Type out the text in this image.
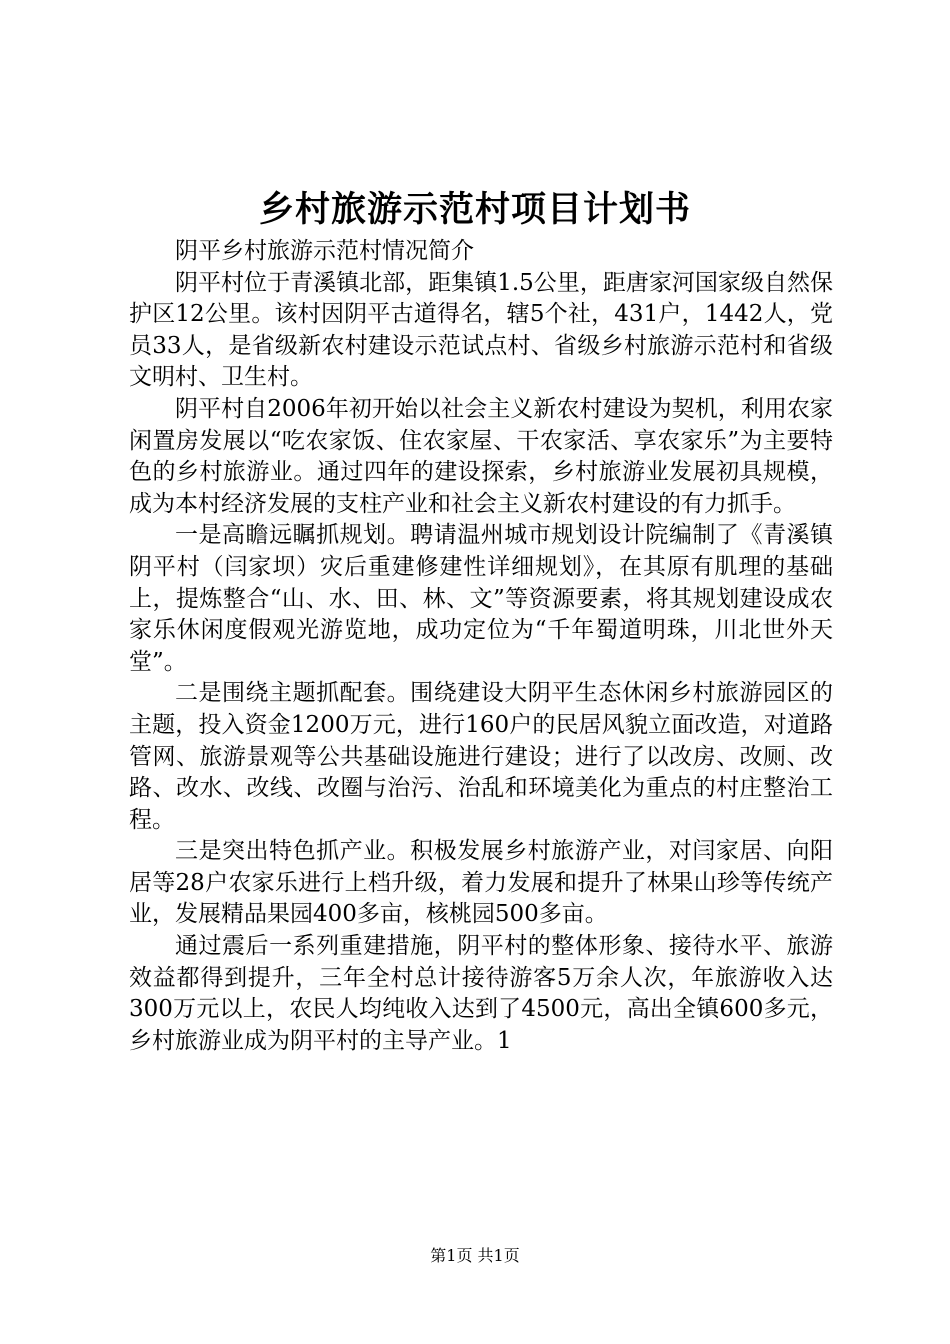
乡村旅游示范村项目计划书

阴平乡村旅游示范村情况简介

阴平村位于青溪镇北部，距集镇1.5公里，距唐家河国家级自然保护区12公里。该村因阴平古道得名，辖5个社，431户，1442人，党员33人，是省级新农村建设示范试点村、省级乡村旅游示范村和省级文明村、卫生村。

阴平村自2006年初开始以社会主义新农村建设为契机，利用农家闲置房发展以“吃农家饭、住农家屋、干农家活、享农家乐”为主要特色的乡村旅游业。通过四年的建设探索，乡村旅游业发展初具规模，成为本村经济发展的支柱产业和社会主义新农村建设的有力抓手。

一是高瞻远瞩抓规划。聘请温州城市规划设计院编制了《青溪镇阴平村（闫家坝）灾后重建修建性详细规划》，在其原有肌理的基础上，提炼整合“山、水、田、林、文”等资源要素，将其规划建设成农家乐休闲度假观光游览地，成功定位为“千年蜀道明珠，川北世外天堂”。

二是围绕主题抓配套。围绕建设大阴平生态休闲乡村旅游园区的主题，投入资金1200万元，进行160户的民居风貌立面改造，对道路管网、旅游景观等公共基础设施进行建设；进行了以改房、改厕、改路、改水、改线、改圈与治污、治乱和环境美化为重点的村庄整治工程。

三是突出特色抓产业。积极发展乡村旅游产业，对闫家居、向阳居等28户农家乐进行上档升级，着力发展和提升了林果山珍等传统产业，发展精品果园400多亩，核桃园500多亩。

通过震后一系列重建措施，阴平村的整体形象、接待水平、旅游效益都得到提升，三年全村总计接待游客5万余人次，年旅游收入达300万元以上，农民人均纯收入达到了4500元，高出全镇600多元，乡村旅游业成为阴平村的主导产业。1

第1页 共1页
